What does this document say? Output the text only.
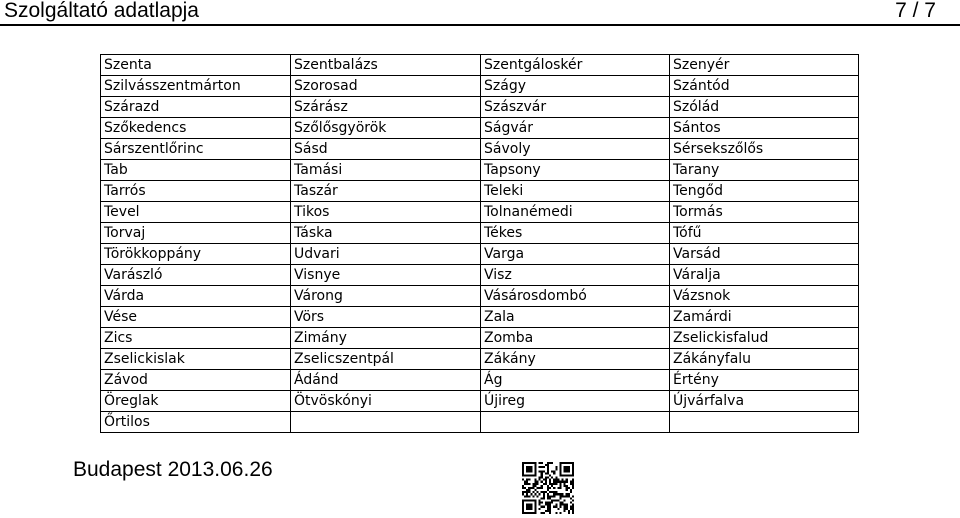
Szolgáltató adatlapja	7 / 7
Szenta	Szentbalázs	Szentgáloskér	Szenyér
Szilvásszentmárton	Szorosad	Szágy	Szántód
Szárazd	Szárász	Szászvár	Szólád
Szőkedencs	Szőlősgyörök	Ságvár	Sántos
Sárszentlőrinc	Sásd	Sávoly	Sérsekszőlős
Tab	Tamási	Tapsony	Tarany
Tarrós	Taszár	Teleki	Tengőd
Tevel	Tikos	Tolnanémedi	Tormás
Torvaj	Táska	Tékes	Tófű
Törökkoppány	Udvari	Varga	Varsád
Varászló	Visnye	Visz	Váralja
Várda	Várong	Vásárosdombó	Vázsnok
Vése	Vörs	Zala	Zamárdi
Zics	Zimány	Zomba	Zselickisfalud
Zselickislak	Zselicszentpál	Zákány	Zákányfalu
Závod	Ádánd	Ág	Értény
Öreglak	Ötvöskónyi	Újireg	Újvárfalva
Őrtilos			
Budapest 2013.06.26
